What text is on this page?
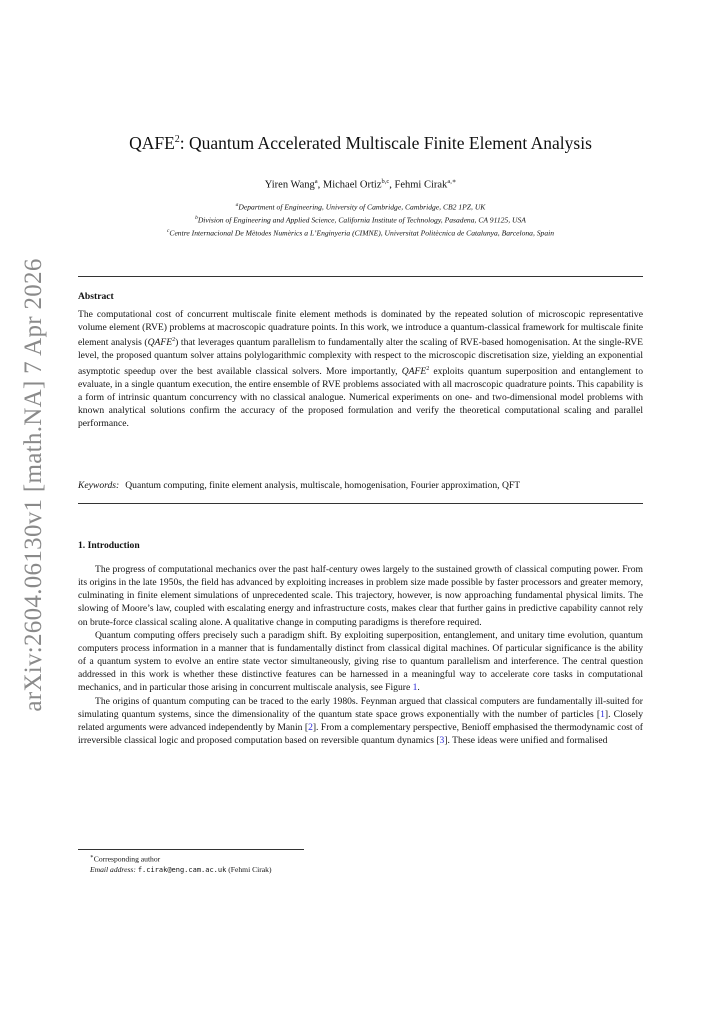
arXiv:2604.06130v1 [math.NA] 7 Apr 2026
QAFE$^2$: Quantum Accelerated Multiscale Finite Element Analysis
Yiren Wang$^a$, Michael Ortiz$^{b,c}$, Fehmi Cirak$^{a,∗}$
$^a$Department of Engineering, University of Cambridge, Cambridge, CB2 1PZ, UK
$^b$Division of Engineering and Applied Science, California Institute of Technology, Pasadena, CA 91125, USA
$^c$Centre Internacional De Mètodes Numèrics a L’Enginyeria (CIMNE), Universitat Politècnica de Catalunya, Barcelona, Spain
Abstract
The computational cost of concurrent multiscale finite element methods is dominated by the repeated solution of microscopic representative volume element (RVE) problems at macroscopic quadrature points. In this work, we introduce a quantum-classical framework for multiscale finite element analysis (QAFE$^2$) that leverages quantum parallelism to fundamentally alter the scaling of RVE-based homogenisation. At the single-RVE level, the proposed quantum solver attains polylogarithmic complexity with respect to the microscopic discretisation size, yielding an exponential asymptotic speedup over the best available classical solvers. More importantly, QAFE$^2$ exploits quantum superposition and entanglement to evaluate, in a single quantum execution, the entire ensemble of RVE problems associated with all macroscopic quadrature points. This capability is a form of intrinsic quantum concurrency with no classical analogue. Numerical experiments on one- and two-dimensional model problems with known analytical solutions confirm the accuracy of the proposed formulation and verify the theoretical computational scaling and parallel performance.
Keywords: Quantum computing, finite element analysis, multiscale, homogenisation, Fourier approximation, QFT
1. Introduction

The progress of computational mechanics over the past half-century owes largely to the sustained growth of classical computing power. From its origins in the late 1950s, the field has advanced by exploiting increases in problem size made possible by faster processors and greater memory, culminating in finite element simulations of unprecedented scale. This trajectory, however, is now approaching fundamental physical limits. The slowing of Moore’s law, coupled with escalating energy and infrastructure costs, makes clear that further gains in predictive capability cannot rely on brute-force classical scaling alone. A qualitative change in computing paradigms is therefore required.

Quantum computing offers precisely such a paradigm shift. By exploiting superposition, entanglement, and unitary time evolution, quantum computers process information in a manner that is fundamentally distinct from classical digital machines. Of particular significance is the ability of a quantum system to evolve an entire state vector simultaneously, giving rise to quantum parallelism and interference. The central question addressed in this work is whether these distinctive features can be harnessed in a meaningful way to accelerate core tasks in computational mechanics, and in particular those arising in concurrent multiscale analysis, see Figure 1.

The origins of quantum computing can be traced to the early 1980s. Feynman argued that classical computers are fundamentally ill-suited for simulating quantum systems, since the dimensionality of the quantum state space grows exponentially with the number of particles [1]. Closely related arguments were advanced independently by Manin [2]. From a complementary perspective, Benioff emphasised the thermodynamic cost of irreversible classical logic and proposed computation based on reversible quantum dynamics [3]. These ideas were unified and formalised

∗Corresponding author
Email address: f.cirak@eng.cam.ac.uk (Fehmi Cirak)
